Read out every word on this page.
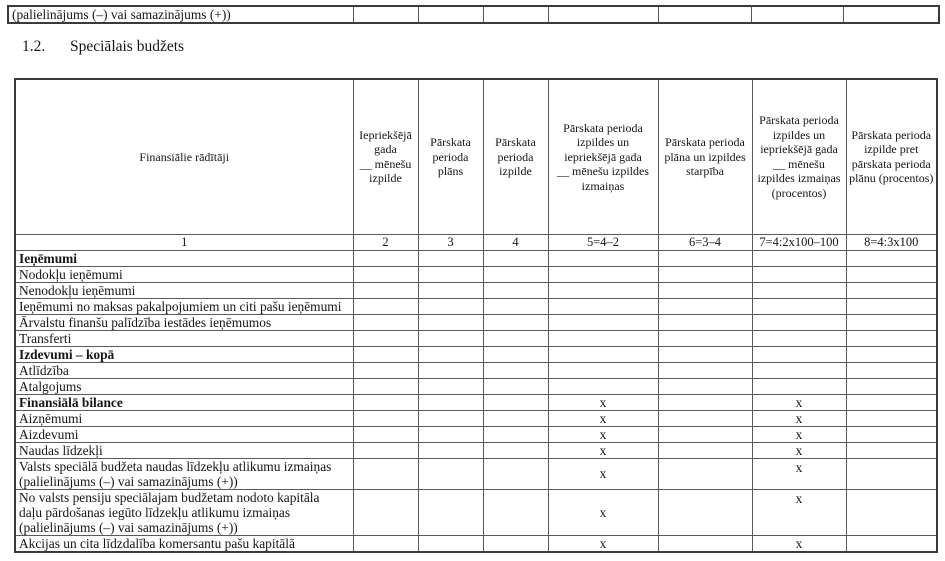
(palielinājums (–) vai samazinājums (+))							
1.2. Speciālais budžets
Finansiālie rādītāji	Iepriekšējā gada __ mēnešu izpilde	Pārskata perioda plāns	Pārskata perioda izpilde	Pārskata perioda izpildes un iepriekšējā gada __ mēnešu izpildes izmaiņas	Pārskata perioda plāna un izpildes starpība	Pārskata perioda izpildes un iepriekšējā gada __ mēnešu izpildes izmaiņas (procentos)	Pārskata perioda izpilde pret pārskata perioda plānu (procentos)
1	2	3	4	5=4–2	6=3–4	7=4:2x100–100	8=4:3x100
Ieņēmumi							
Nodokļu ieņēmumi							
Nenodokļu ieņēmumi							
Ieņēmumi no maksas pakalpojumiem un citi pašu ieņēmumi							
Ārvalstu finanšu palīdzība iestādes ieņēmumos							
Transferti							
Izdevumi – kopā							
Atlīdzība							
Atalgojums							
Finansiālā bilance				x		x	
Aizņēmumi				x		x	
Aizdevumi				x		x	
Naudas līdzekļi				x		x	
Valsts speciālā budžeta naudas līdzekļu atlikumu izmaiņas (palielinājums (–) vai samazinājums (+))				x		x	
No valsts pensiju speciālajam budžetam nodoto kapitāla daļu pārdošanas iegūto līdzekļu atlikumu izmaiņas (palielinājums (–) vai samazinājums (+))				x		x	
Akcijas un cita līdzdalība komersantu pašu kapitālā				x		x	
